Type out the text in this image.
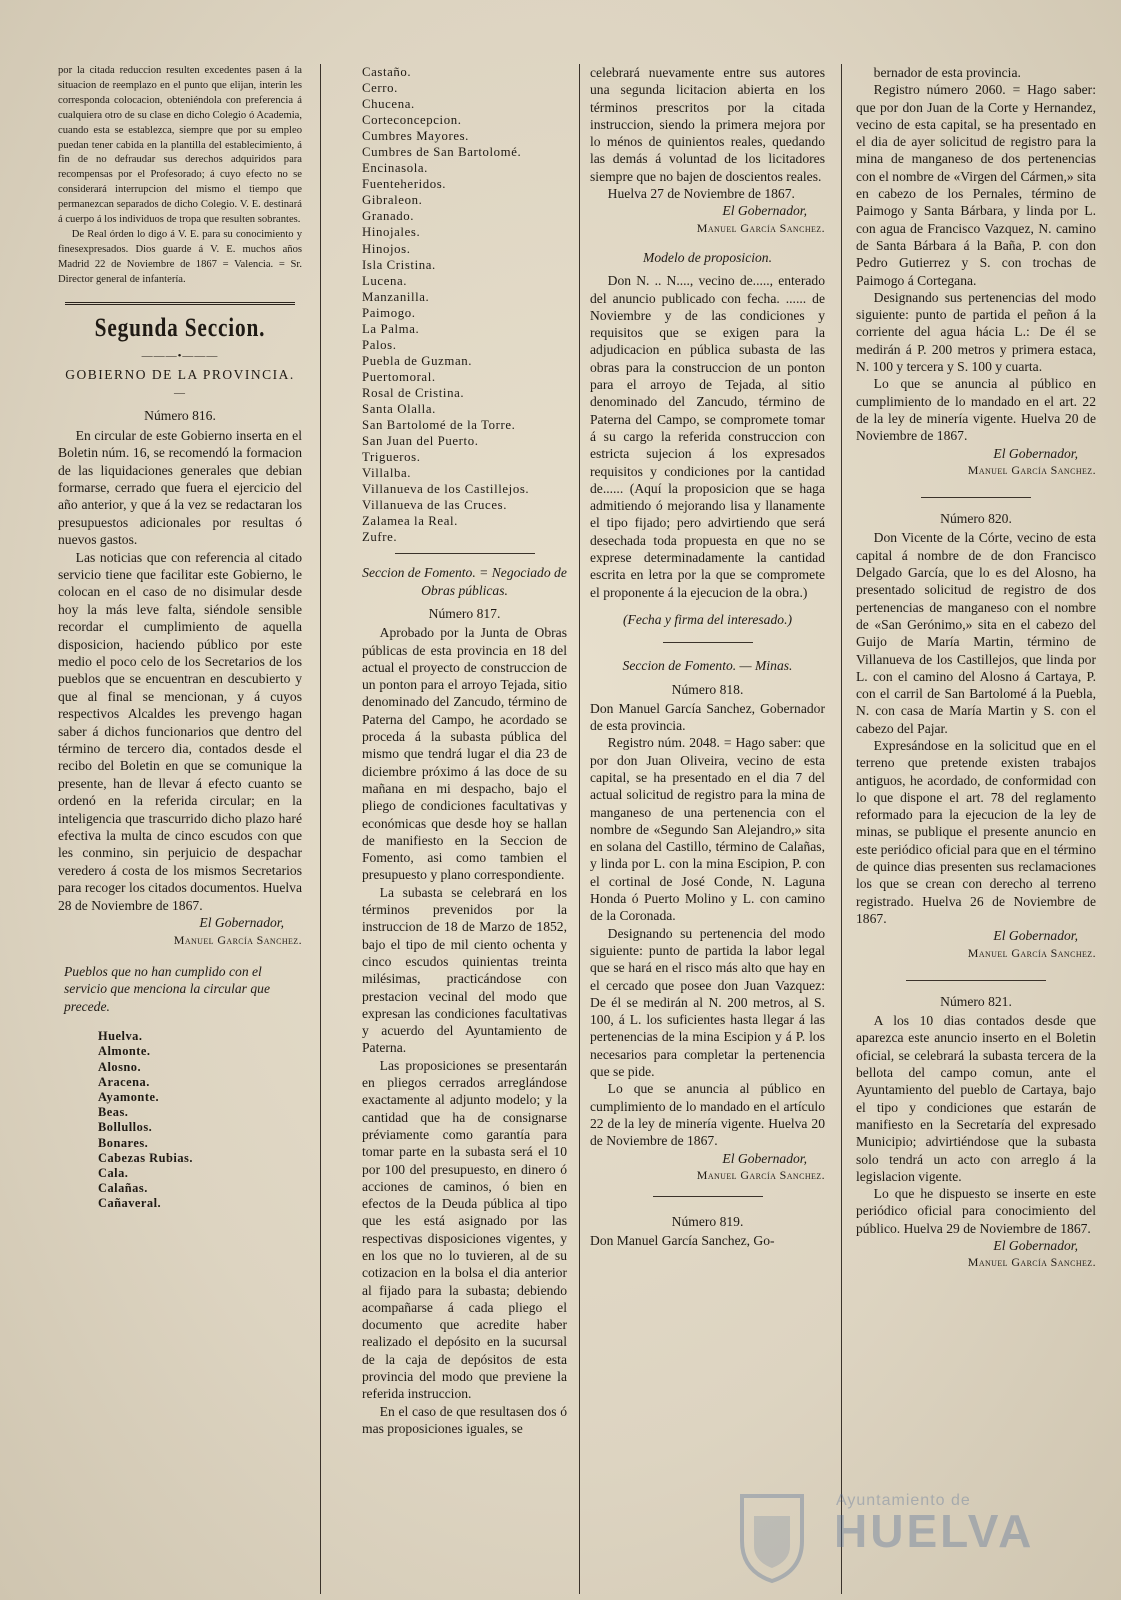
por la citada reduccion resulten excedentes pasen á la situacion de reemplazo en el punto que elijan, interin les corresponda colocacion, obteniéndola con preferencia á cualquiera otro de su clase en dicho Colegio ó Academia, cuando esta se establezca, siempre que por su empleo puedan tener cabida en la plantilla del establecimiento, á fin de no defraudar sus derechos adquiridos para recompensas por el Profesorado; á cuyo efecto no se considerará interrupcion del mismo el tiempo que permanezcan separados de dicho Colegio. V. E. destinará á cuerpo á los individuos de tropa que resulten sobrantes.

De Real órden lo digo á V. E. para su conocimiento y finesexpresados. Dios guarde á V. E. muchos años Madrid 22 de Noviembre de 1867 = Valencia. = Sr. Director general de infantería.

Segunda Seccion.
———•———
GOBIERNO DE LA PROVINCIA.
—
Número 816.

En circular de este Gobierno inserta en el Boletin núm. 16, se recomendó la formacion de las liquidaciones generales que debian formarse, cerrado que fuera el ejercicio del año anterior, y que á la vez se redactaran los presupuestos adicionales por resultas ó nuevos gastos.

Las noticias que con referencia al citado servicio tiene que facilitar este Gobierno, le colocan en el caso de no disimular desde hoy la más leve falta, siéndole sensible recordar el cumplimiento de aquella disposicion, haciendo público por este medio el poco celo de los Secretarios de los pueblos que se encuentran en descubierto y que al final se mencionan, y á cuyos respectivos Alcaldes les prevengo hagan saber á dichos funcionarios que dentro del término de tercero dia, contados desde el recibo del Boletin en que se comunique la presente, han de llevar á efecto cuanto se ordenó en la referida circular; en la inteligencia que trascurrido dicho plazo haré efectiva la multa de cinco escudos con que les conmino, sin perjuicio de despachar veredero á costa de los mismos Secretarios para recoger los citados documentos. Huelva 28 de Noviembre de 1867.

El Gobernador,
Manuel García Sanchez.
Pueblos que no han cumplido con el servicio que menciona la circular que precede.
Huelva.
Almonte.
Alosno.
Aracena.
Ayamonte.
Beas.
Bollullos.
Bonares.
Cabezas Rubias.
Cala.
Calañas.
Cañaveral.
Castaño.
Cerro.
Chucena.
Corteconcepcion.
Cumbres Mayores.
Cumbres de San Bartolomé.
Encinasola.
Fuenteheridos.
Gibraleon.
Granado.
Hinojales.
Hinojos.
Isla Cristina.
Lucena.
Manzanilla.
Paimogo.
La Palma.
Palos.
Puebla de Guzman.
Puertomoral.
Rosal de Cristina.
Santa Olalla.
San Bartolomé de la Torre.
San Juan del Puerto.
Trigueros.
Villalba.
Villanueva de los Castillejos.
Villanueva de las Cruces.
Zalamea la Real.
Zufre.
Seccion de Fomento. = Negociado de Obras públicas.
Número 817.

Aprobado por la Junta de Obras públicas de esta provincia en 18 del actual el proyecto de construccion de un ponton para el arroyo Tejada, sitio denominado del Zancudo, término de Paterna del Campo, he acordado se proceda á la subasta pública del mismo que tendrá lugar el dia 23 de diciembre próximo á las doce de su mañana en mi despacho, bajo el pliego de condiciones facultativas y económicas que desde hoy se hallan de manifiesto en la Seccion de Fomento, asi como tambien el presupuesto y plano correspondiente.

La subasta se celebrará en los términos prevenidos por la instruccion de 18 de Marzo de 1852, bajo el tipo de mil ciento ochenta y cinco escudos quinientas treinta milésimas, practicándose con prestacion vecinal del modo que expresan las condiciones facultativas y acuerdo del Ayuntamiento de Paterna.

Las proposiciones se presentarán en pliegos cerrados arreglándose exactamente al adjunto modelo; y la cantidad que ha de consignarse préviamente como garantía para tomar parte en la subasta será el 10 por 100 del presupuesto, en dinero ó acciones de caminos, ó bien en efectos de la Deuda pública al tipo que les está asignado por las respectivas disposiciones vigentes, y en los que no lo tuvieren, al de su cotizacion en la bolsa el dia anterior al fijado para la subasta; debiendo acompañarse á cada pliego el documento que acredite haber realizado el depósito en la sucursal de la caja de depósitos de esta provincia del modo que previene la referida instruccion.

En el caso de que resultasen dos ó mas proposiciones iguales, se

celebrará nuevamente entre sus autores una segunda licitacion abierta en los términos prescritos por la citada instruccion, siendo la primera mejora por lo ménos de quinientos reales, quedando las demás á voluntad de los licitadores siempre que no bajen de doscientos reales.

Huelva 27 de Noviembre de 1867.

El Gobernador,
Manuel García Sanchez.
Modelo de proposicion.

Don N. .. N...., vecino de....., enterado del anuncio publicado con fecha. ...... de Noviembre y de las condiciones y requisitos que se exigen para la adjudicacion en pública subasta de las obras para la construccion de un ponton para el arroyo de Tejada, al sitio denominado del Zancudo, término de Paterna del Campo, se compromete tomar á su cargo la referida construccion con estricta sujecion á los expresados requisitos y condiciones por la cantidad de...... (Aquí la proposicion que se haga admitiendo ó mejorando lisa y llanamente el tipo fijado; pero advirtiendo que será desechada toda propuesta en que no se exprese determinadamente la cantidad escrita en letra por la que se compromete el proponente á la ejecucion de la obra.)

(Fecha y firma del interesado.)
Seccion de Fomento. — Minas.
Número 818.

Don Manuel García Sanchez, Gobernador de esta provincia.

Registro núm. 2048. = Hago saber: que por don Juan Oliveira, vecino de esta capital, se ha presentado en el dia 7 del actual solicitud de registro para la mina de manganeso de una pertenencia con el nombre de «Segundo San Alejandro,» sita en solana del Castillo, término de Calañas, y linda por L. con la mina Escipion, P. con el cortinal de José Conde, N. Laguna Honda ó Puerto Molino y L. con camino de la Coronada.

Designando su pertenencia del modo siguiente: punto de partida la labor legal que se hará en el risco más alto que hay en el cercado que posee don Juan Vazquez: De él se medirán al N. 200 metros, al S. 100, á L. los suficientes hasta llegar á las pertenencias de la mina Escipion y á P. los necesarios para completar la pertenencia que se pide.

Lo que se anuncia al público en cumplimiento de lo mandado en el artículo 22 de la ley de minería vigente. Huelva 20 de Noviembre de 1867.

El Gobernador,
Manuel García Sanchez.
Número 819.

Don Manuel García Sanchez, Go-

bernador de esta provincia.

Registro número 2060. = Hago saber: que por don Juan de la Corte y Hernandez, vecino de esta capital, se ha presentado en el dia de ayer solicitud de registro para la mina de manganeso de dos pertenencias con el nombre de «Virgen del Cármen,» sita en cabezo de los Pernales, término de Paimogo y Santa Bárbara, y linda por L. con agua de Francisco Vazquez, N. camino de Santa Bárbara á la Baña, P. con don Pedro Gutierrez y S. con trochas de Paimogo á Cortegana.

Designando sus pertenencias del modo siguiente: punto de partida el peñon á la corriente del agua hácia L.: De él se medirán á P. 200 metros y primera estaca, N. 100 y tercera y S. 100 y cuarta.

Lo que se anuncia al público en cumplimiento de lo mandado en el art. 22 de la ley de minería vigente. Huelva 20 de Noviembre de 1867.

El Gobernador,
Manuel García Sanchez.
Número 820.

Don Vicente de la Córte, vecino de esta capital á nombre de de don Francisco Delgado García, que lo es del Alosno, ha presentado solicitud de registro de dos pertenencias de manganeso con el nombre de «San Gerónimo,» sita en el cabezo del Guijo de María Martin, término de Villanueva de los Castillejos, que linda por L. con el camino del Alosno á Cartaya, P. con el carril de San Bartolomé á la Puebla, N. con casa de María Martin y S. con el cabezo del Pajar.

Expresándose en la solicitud que en el terreno que pretende existen trabajos antiguos, he acordado, de conformidad con lo que dispone el art. 78 del reglamento reformado para la ejecucion de la ley de minas, se publique el presente anuncio en este periódico oficial para que en el término de quince dias presenten sus reclamaciones los que se crean con derecho al terreno registrado. Huelva 26 de Noviembre de 1867.

El Gobernador,
Manuel García Sanchez.
Número 821.

A los 10 dias contados desde que aparezca este anuncio inserto en el Boletin oficial, se celebrará la subasta tercera de la bellota del campo comun, ante el Ayuntamiento del pueblo de Cartaya, bajo el tipo y condiciones que estarán de manifiesto en la Secretaría del expresado Municipio; advirtiéndose que la subasta solo tendrá un acto con arreglo á la legislacion vigente.

Lo que he dispuesto se inserte en este periódico oficial para conocimiento del público. Huelva 29 de Noviembre de 1867.

El Gobernador,
Manuel García Sanchez.
Ayuntamiento de
HUELVA
